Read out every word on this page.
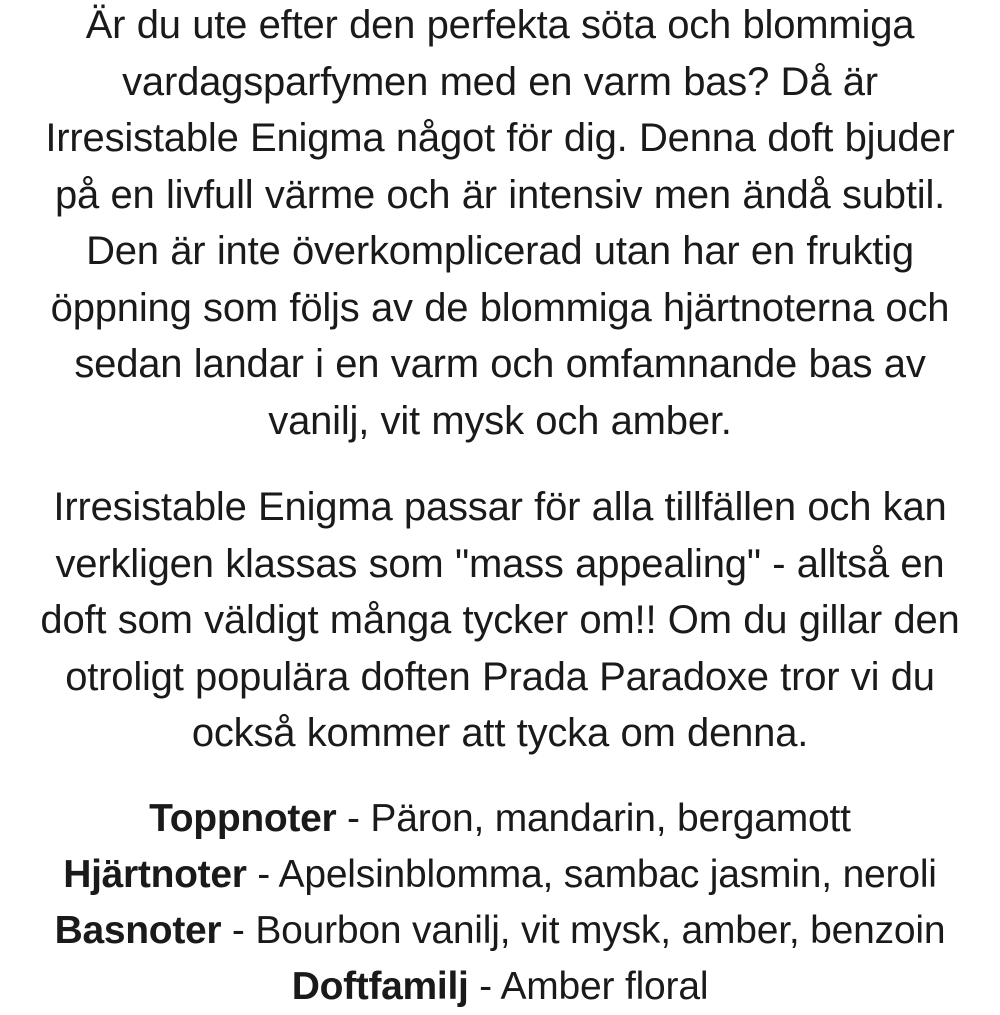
Är du ute efter den perfekta söta och blommiga vardagsparfymen med en varm bas? Då är Irresistable Enigma något för dig. Denna doft bjuder på en livfull värme och är intensiv men ändå subtil. Den är inte överkomplicerad utan har en fruktig öppning som följs av de blommiga hjärtnoterna och sedan landar i en varm och omfamnande bas av vanilj, vit mysk och amber.

Irresistable Enigma passar för alla tillfällen och kan verkligen klassas som "mass appealing" - alltså en doft som väldigt många tycker om!! Om du gillar den otroligt populära doften Prada Paradoxe tror vi du också kommer att tycka om denna.

Toppnoter - Päron, mandarin, bergamott
Hjärtnoter - Apelsinblomma, sambac jasmin, neroli
Basnoter - Bourbon vanilj, vit mysk, amber, benzoin
Doftfamilj - Amber floral
